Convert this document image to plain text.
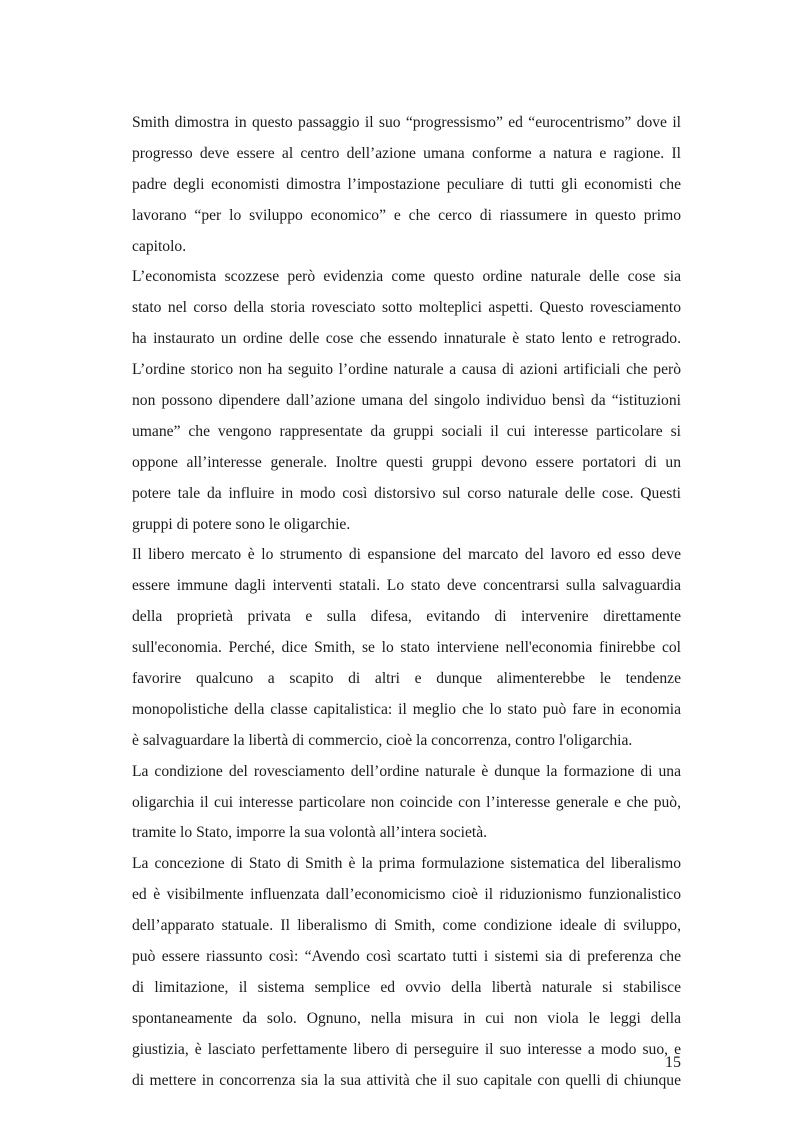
Smith dimostra in questo passaggio il suo “progressismo” ed “eurocentrismo” dove il
progresso deve essere al centro dell’azione umana conforme a natura e ragione. Il
padre degli economisti dimostra l’impostazione peculiare di tutti gli economisti che
lavorano “per lo sviluppo economico” e che cerco di riassumere in questo primo
capitolo.
L’economista scozzese però evidenzia come questo ordine naturale delle cose sia
stato nel corso della storia rovesciato sotto molteplici aspetti. Questo rovesciamento
ha instaurato un ordine delle cose che essendo innaturale è stato lento e retrogrado.
L’ordine storico non ha seguito l’ordine naturale a causa di azioni artificiali che però
non possono dipendere dall’azione umana del singolo individuo bensì da “istituzioni
umane” che vengono rappresentate da gruppi sociali il cui interesse particolare si
oppone all’interesse generale. Inoltre questi gruppi devono essere portatori di un
potere tale da influire in modo così distorsivo sul corso naturale delle cose. Questi
gruppi di potere sono le oligarchie.
Il libero mercato è lo strumento di espansione del marcato del lavoro ed esso deve
essere immune dagli interventi statali. Lo stato deve concentrarsi sulla salvaguardia
della proprietà privata e sulla difesa, evitando di intervenire direttamente
sull'economia. Perché, dice Smith, se lo stato interviene nell'economia finirebbe col
favorire qualcuno a scapito di altri e dunque alimenterebbe le tendenze
monopolistiche della classe capitalistica: il meglio che lo stato può fare in economia
è salvaguardare la libertà di commercio, cioè la concorrenza, contro l'oligarchia.
La condizione del rovesciamento dell’ordine naturale è dunque la formazione di una
oligarchia il cui interesse particolare non coincide con l’interesse generale e che può,
tramite lo Stato, imporre la sua volontà all’intera società.
La concezione di Stato di Smith è la prima formulazione sistematica del liberalismo
ed è visibilmente influenzata dall’economicismo cioè il riduzionismo funzionalistico
dell’apparato statuale. Il liberalismo di Smith, come condizione ideale di sviluppo,
può essere riassunto così: “Avendo così scartato tutti i sistemi sia di preferenza che
di limitazione, il sistema semplice ed ovvio della libertà naturale si stabilisce
spontaneamente da solo. Ognuno, nella misura in cui non viola le leggi della
giustizia, è lasciato perfettamente libero di perseguire il suo interesse a modo suo, e
di mettere in concorrenza sia la sua attività che il suo capitale con quelli di chiunque
15
